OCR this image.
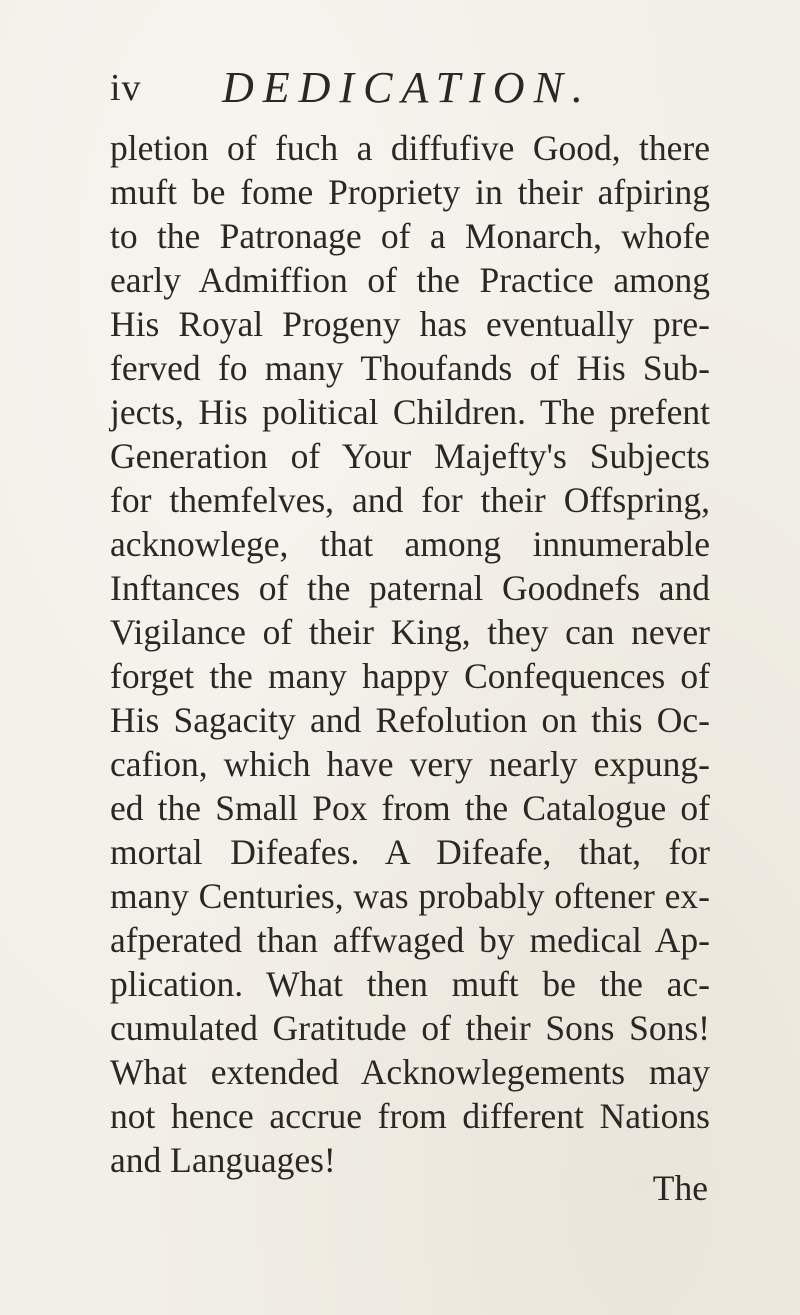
iv DEDICATION.
pletion of fuch a diffufive Good, there
muft be fome Propriety in their afpiring
to the Patronage of a Monarch, whofe
early Admiffion of the Practice among
His Royal Progeny has eventually pre-
ferved fo many Thoufands of His Sub-
jects, His political Children. The prefent
Generation of Your Majefty's Subjects
for themfelves, and for their Offspring,
acknowlege, that among innumerable
Inftances of the paternal Goodnefs and
Vigilance of their King, they can never
forget the many happy Confequences of
His Sagacity and Refolution on this Oc-
cafion, which have very nearly expung-
ed the Small Pox from the Catalogue of
mortal Difeafes. A Difeafe, that, for
many Centuries, was probably oftener ex-
afperated than affwaged by medical Ap-
plication. What then muft be the ac-
cumulated Gratitude of their Sons Sons!
What extended Acknowlegements may
not hence accrue from different Nations
and Languages!
The
